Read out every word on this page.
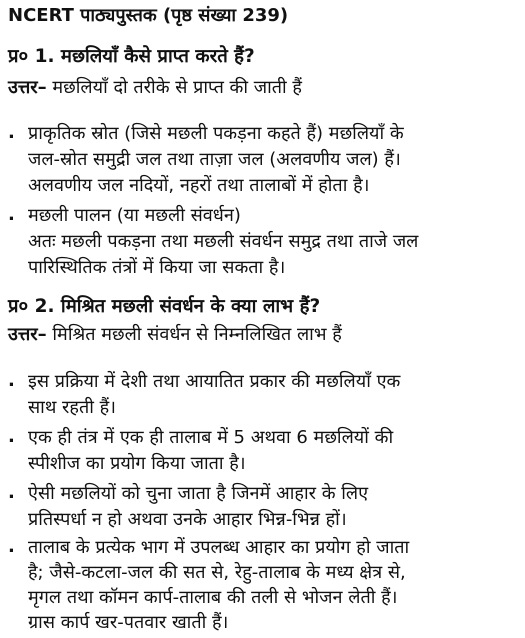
NCERT पाठ्यपुस्तक (पृष्ठ संख्या 239)
प्र० 1. मछलियाँ कैसे प्राप्त करते हैं?
उत्तर– मछलियाँ दो तरीके से प्राप्त की जाती हैं
. प्राकृतिक स्रोत (जिसे मछली पकड़ना कहते हैं) मछलियाँ के
जल-स्रोत समुद्री जल तथा ताज़ा जल (अलवणीय जल) हैं।
अलवणीय जल नदियों, नहरों तथा तालाबों में होता है।
. मछली पालन (या मछली संवर्धन)
अतः मछली पकड़ना तथा मछली संवर्धन समुद्र तथा ताजे जल
पारिस्थितिक तंत्रों में किया जा सकता है।
प्र० 2. मिश्रित मछली संवर्धन के क्या लाभ हैं?
उत्तर– मिश्रित मछली संवर्धन से निम्नलिखित लाभ हैं
. इस प्रक्रिया में देशी तथा आयातित प्रकार की मछलियाँ एक
साथ रहती हैं।
. एक ही तंत्र में एक ही तालाब में 5 अथवा 6 मछलियों की
स्पीशीज का प्रयोग किया जाता है।
. ऐसी मछलियों को चुना जाता है जिनमें आहार के लिए
प्रतिस्पर्धा न हो अथवा उनके आहार भिन्न-भिन्न हों।
. तालाब के प्रत्येक भाग में उपलब्ध आहार का प्रयोग हो जाता
है; जैसे-कटला-जल की सत से, रेहु-तालाब के मध्य क्षेत्र से,
मृगल तथा कॉमन कार्प-तालाब की तली से भोजन लेती हैं।
ग्रास कार्प खर-पतवार खाती हैं।
